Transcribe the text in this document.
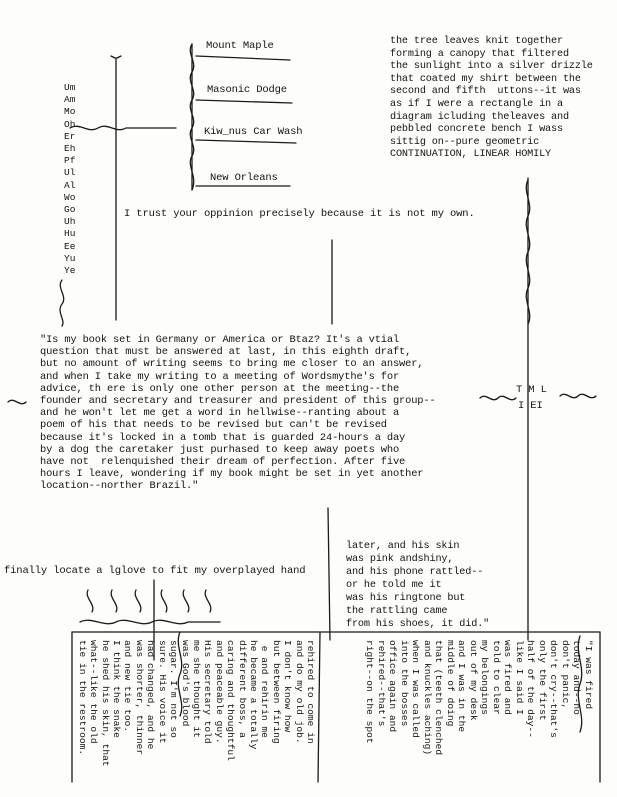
Mount Maple
Masonic Dodge
Kiw_nus Car Wash
New Orleans
Um
Am
Mo
Oh
Er
Eh
Pf
Ul
Al
Wo
Go
Uh
Hu
Ee
Yu
Ye
the tree leaves knit together
forming a canopy that filtered
the sunlight into a silver drizzle
that coated my shirt between the
second and fifth  uttons--it was
as if I were a rectangle in a
diagram icluding theleaves and
pebbled concrete bench I wass
sittig on--pure geometric
CONTINUATION, LINEAR HOMILY
I trust your oppinion precisely because it is not my own.
"Is my book set in Germany or America or Btaz? It's a vtial
question that must be answered at last, in this eighth draft,
but no amount of writing seems to bring me closer to an answer,
and when I take my writing to a meeting of Wordsmythe's for
advice, th ere is only one other person at the meeting--the
founder and secretary and treasurer and president of this group--
and he won't let me get a word in hellwise--ranting about a
poem of his that needs to be revised but can't be revised
because it's locked in a tomb that is guarded 24-hours a day
by a dog the caretaker just purhased to keep away poets who
have not  relenquished their dream of perfection. After five
hours I leave, wondering if my book might be set in yet another
location--norther Brazil."
T M L
I EI
later, and his skin
was pink andshiny,
and his phone rattled--
or he told me it
was his ringtone but
the rattling came
from his shoes, it did."
finally locate a lglove to fit my overplayed hand
rehired to come in
and do my old job.
I don't know how
but between firing
e and rehirin me
he became a totally
different boss, a
caring and thoughtful
and peaceable guy.
His secretary told
me she thought it
was God's blood
sugar. I'm not so
sure. His voice it
had changed, and he
was shorter, thinner
and new tie too.
I think the snake
he shed his skin, that
what--like the old
tie in the restroom.	"I was fired
today and--no
don't panic,
don't cry--that's
only the first
half of the day--
like I said I
was fired and
told to clear
my belongings
out of my desk
and I was in the
middle of doing
that (teeth clenched
and knuckles aching)
when I was called
into the bosses
office again and
rehired--that's
right--on the spot
